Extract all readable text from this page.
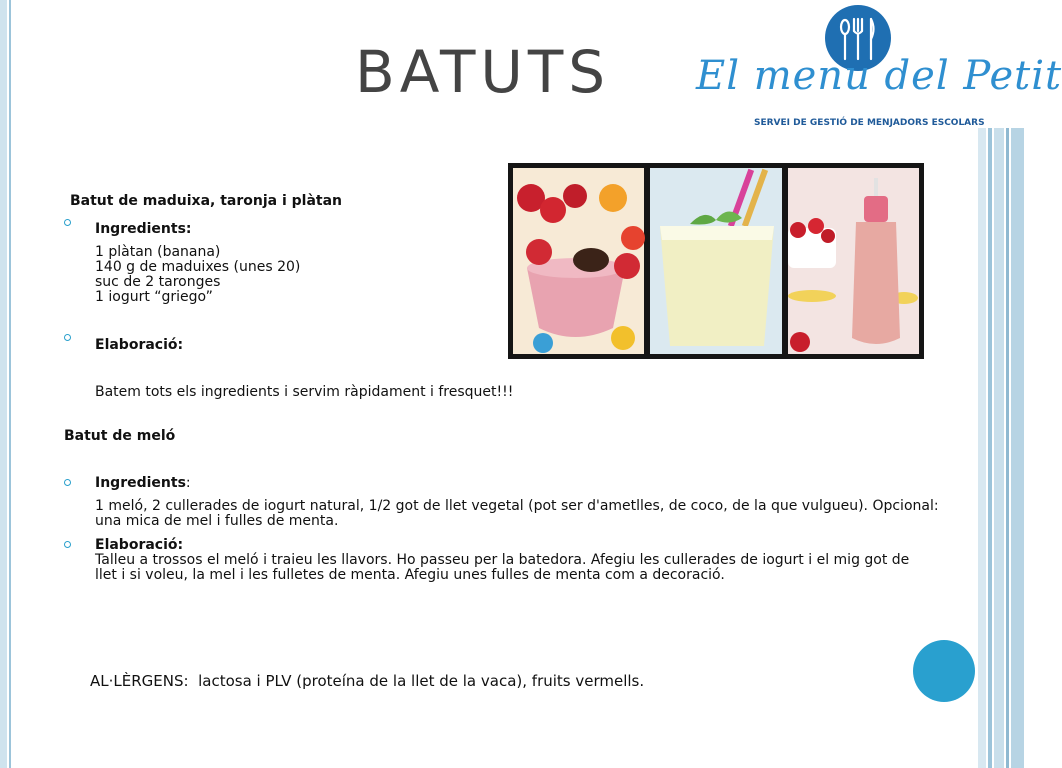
BATUTS El menu del Petit
SERVEI DE GESTIÓ DE MENJADORS ESCOLARS
Batut de maduixa, taronja i plàtan
Ingredients:
1 plàtan (banana)
140 g de maduixes (unes 20)
suc de 2 taronges
1 iogurt “griego”
Elaboració:
Batem tots els ingredients i servim ràpidament i fresquet!!!
Batut de meló
Ingredients:
1 meló, 2 cullerades de iogurt natural, 1/2 got de llet vegetal (pot ser d'ametlles, de coco, de la que vulgueu). Opcional:
una mica de mel i fulles de menta.
Elaboració:
Talleu a trossos el meló i traieu les llavors. Ho passeu per la batedora. Afegiu les cullerades de iogurt i el mig got de
llet i si voleu, la mel i les fulletes de menta. Afegiu unes fulles de menta com a decoració.
AL·LÈRGENS: lactosa i PLV (proteína de la llet de la vaca), fruits vermells.
